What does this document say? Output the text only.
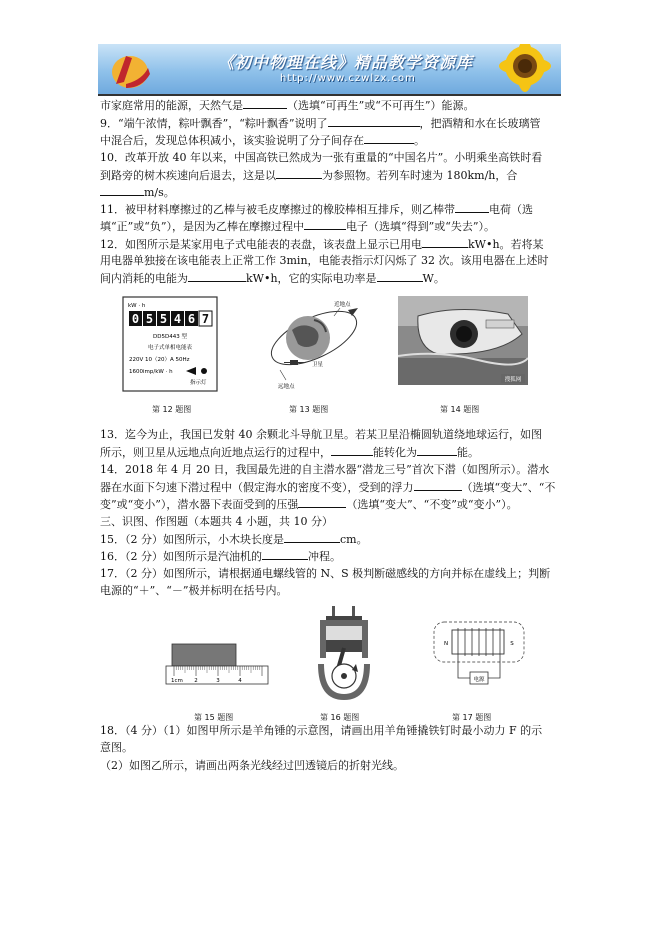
《初中物理在线》精品教学资源库
http://www.czwlzx.com
市家庭常用的能源，天然气是	（选填“可再生”或“不可再生”）能源。
9．“端午浓情，粽叶飘香”，“粽叶飘香”说明了	，把酒精和水在长玻璃管
中混合后，发现总体积减小，该实验说明了分子间存在	。
10．改革开放 40 年以来，中国高铁已然成为一张有重量的“中国名片”。小明乘坐高铁时看
到路旁的树木疾速向后退去，这是以	为参照物。若列车时速为 180km/h，合
m/s。
11．被甲材料摩擦过的乙棒与被毛皮摩擦过的橡胶棒相互排斥，则乙棒带	电荷（选
填“正”或“负”），是因为乙棒在摩擦过程中	电子（选填“得到”或“失去”）。
12．如图所示是某家用电子式电能表的表盘，该表盘上显示已用电	kW•h。若将某
用电器单独接在该电能表上正常工作 3min，电能表指示灯闪烁了 32 次。该用电器在上述时
间内消耗的电能为	kW•h，它的实际电功率是	W。
kW · h
0 5 5 4 6 7
DD5D443 型
电子式单相电能表
220V 10（20）A 50Hz
1600imp/kW · h
指示灯
第 12 题图
近地点
卫星
远地点
第 13 题图
搜狐网
第 14 题图
13．迄今为止，我国已发射 40 余颗北斗导航卫星。若某卫星沿椭圆轨道绕地球运行，如图
所示，则卫星从远地点向近地点运行的过程中，	能转化为	能。
14．2018 年 4 月 20 日，我国最先进的自主潜水器“潜龙三号”首次下潜（如图所示）。潜水
器在水面下匀速下潜过程中（假定海水的密度不变），受到的浮力	（选填“变大”、“不
变”或“变小”），潜水器下表面受到的压强	（选填“变大”、“不变”或“变小”）。
三、识图、作图题（本题共 4 小题，共 10 分）
15．（2 分）如图所示，小木块长度是	cm。
16．（2 分）如图所示是汽油机的	冲程。
17．（2 分）如图所示，请根据通电螺线管的 N、S 极判断磁感线的方向并标在虚线上；判断
电源的“＋”、“－”极并标明在括号内。
1cm 2	3	4
第 15 题图	第 16 题图
N	S
电源
第 17 题图
18．（4 分）（1）如图甲所示是羊角锤的示意图，请画出用羊角锤撬铁钉时最小动力 F 的示
意图。
（2）如图乙所示，请画出两条光线经过凹透镜后的折射光线。
